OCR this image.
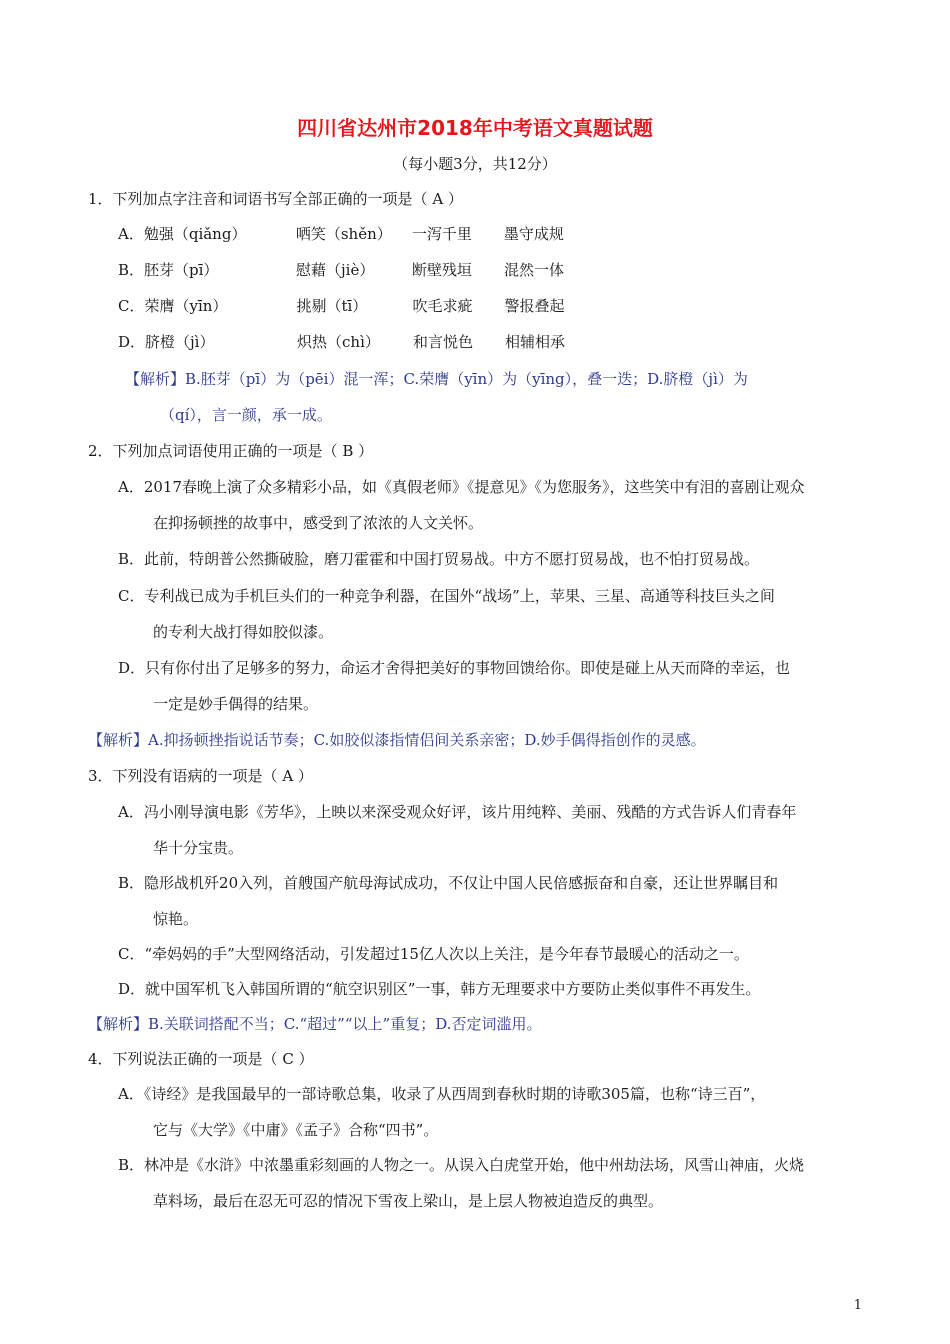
四川省达州市2018年中考语文真题试题
（每小题3分，共12分）
1．下列加点字注音和词语书写全部正确的一项是（ A ）
A． 勉强（qiǎng）	哂笑（shěn）	一泻千里	墨守成规
B． 胚芽（pī）	慰藉（jiè）	断壁残垣	混然一体
C． 荣膺（yīn）	挑剔（tī）	吹毛求疵	警报叠起
D． 脐橙（jì）	炽热（chì）	和言悦色	相辅相承
【解析】B.胚芽（pī）为（pēi）混一浑；C.荣膺（yīn）为（yīng），叠一迭；D.脐橙（jì）为
（qí），言一颜，承一成。
2．下列加点词语使用正确的一项是（ B ）
A．2017春晚上演了众多精彩小品，如《真假老师》《提意见》《为您服务》，这些笑中有泪的喜剧让观众
在抑扬顿挫的故事中，感受到了浓浓的人文关怀。
B．此前，特朗普公然撕破脸，磨刀霍霍和中国打贸易战。中方不愿打贸易战，也不怕打贸易战。
C．专利战已成为手机巨头们的一种竞争利器，在国外“战场”上，苹果、三星、高通等科技巨头之间
的专利大战打得如胶似漆。
D．只有你付出了足够多的努力，命运才舍得把美好的事物回馈给你。即使是碰上从天而降的幸运，也
一定是妙手偶得的结果。
【解析】A.抑扬顿挫指说话节奏；C.如胶似漆指情侣间关系亲密；D.妙手偶得指创作的灵感。
3．下列没有语病的一项是（ A ）
A．冯小刚导演电影《芳华》，上映以来深受观众好评，该片用纯粹、美丽、残酷的方式告诉人们青春年
华十分宝贵。
B．隐形战机歼20入列，首艘国产航母海试成功，不仅让中国人民倍感振奋和自豪，还让世界瞩目和
惊艳。
C．“牵妈妈的手”大型网络活动，引发超过15亿人次以上关注，是今年春节最暖心的活动之一。
D．就中国军机飞入韩国所谓的“航空识别区”一事，韩方无理要求中方要防止类似事件不再发生。
【解析】B.关联词搭配不当；C.“超过”“以上”重复；D.否定词滥用。
4．下列说法正确的一项是（ C ）
A．《诗经》是我国最早的一部诗歌总集，收录了从西周到春秋时期的诗歌305篇，也称“诗三百”，
它与《大学》《中庸》《孟子》合称“四书”。
B．林冲是《水浒》中浓墨重彩刻画的人物之一。从误入白虎堂开始，他中州劫法场，风雪山神庙，火烧
草料场，最后在忍无可忍的情况下雪夜上梁山，是上层人物被迫造反的典型。
1
